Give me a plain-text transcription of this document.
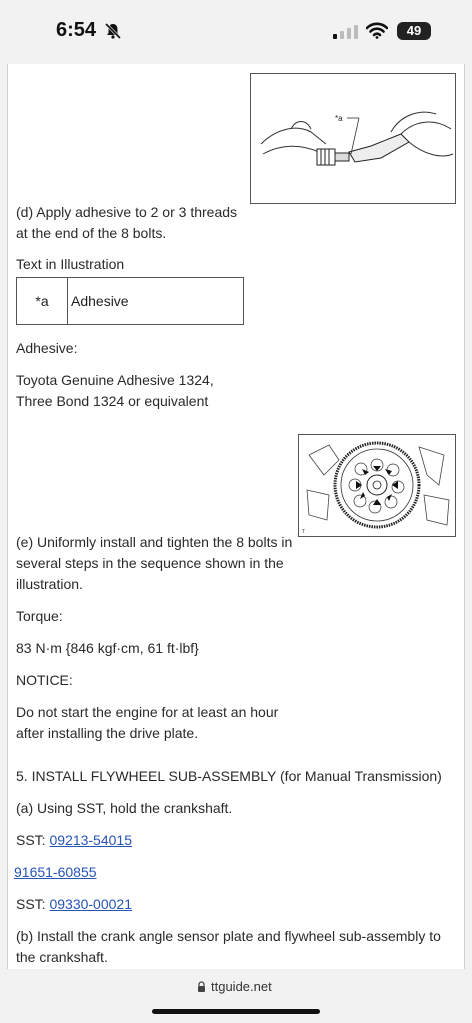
6:54	49
*a
(d) Apply adhesive to 2 or 3 threads at the end of the 8 bolts.
Text in Illustration
*a	Adhesive
Adhesive:
Toyota Genuine Adhesive 1324, Three Bond 1324 or equivalent
T
(e) Uniformly install and tighten the 8 bolts in several steps in the sequence shown in the illustration.
Torque:
83 N·m {846 kgf·cm, 61 ft·lbf}
NOTICE:
Do not start the engine for at least an hour after installing the drive plate.
5. INSTALL FLYWHEEL SUB-ASSEMBLY (for Manual Transmission)
(a) Using SST, hold the crankshaft.
SST: 09213-54015
91651-60855
SST: 09330-00021
(b) Install the crank angle sensor plate and flywheel sub-assembly to the crankshaft.
ttguide.net
